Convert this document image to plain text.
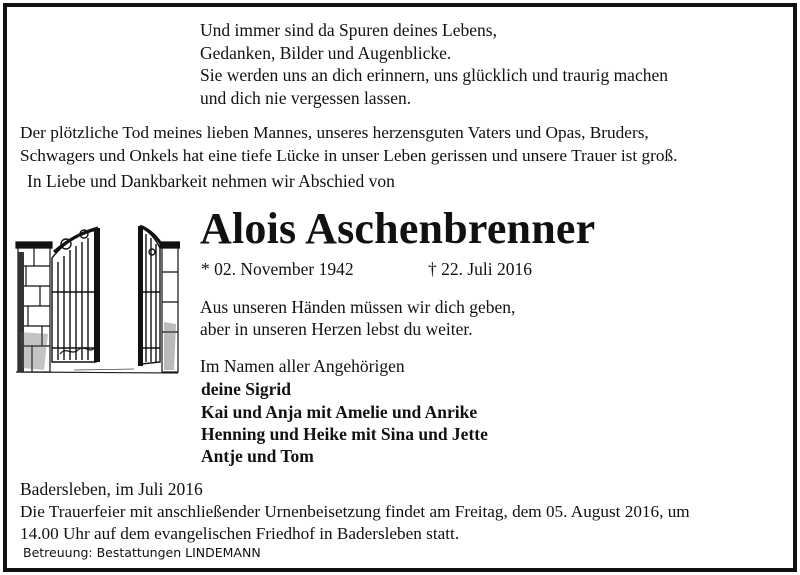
Und immer sind da Spuren deines Lebens,
Gedanken, Bilder und Augenblicke.
Sie werden uns an dich erinnern, uns glücklich und traurig machen
und dich nie vergessen lassen.
Der plötzliche Tod meines lieben Mannes, unseres herzensguten Vaters und Opas, Bruders,
Schwagers und Onkels hat eine tiefe Lücke in unser Leben gerissen und unsere Trauer ist groß.
In Liebe und Dankbarkeit nehmen wir Abschied von
Alois Aschenbrenner
* 02. November 1942	† 22. Juli 2016
Aus unseren Händen müssen wir dich geben,
aber in unseren Herzen lebst du weiter.
Im Namen aller Angehörigen
deine Sigrid
Kai und Anja mit Amelie und Anrike
Henning und Heike mit Sina und Jette
Antje und Tom
Badersleben, im Juli 2016
Die Trauerfeier mit anschließender Urnenbeisetzung findet am Freitag, dem 05. August 2016, um
14.00 Uhr auf dem evangelischen Friedhof in Badersleben statt.
Betreuung: Bestattungen LINDEMANN
